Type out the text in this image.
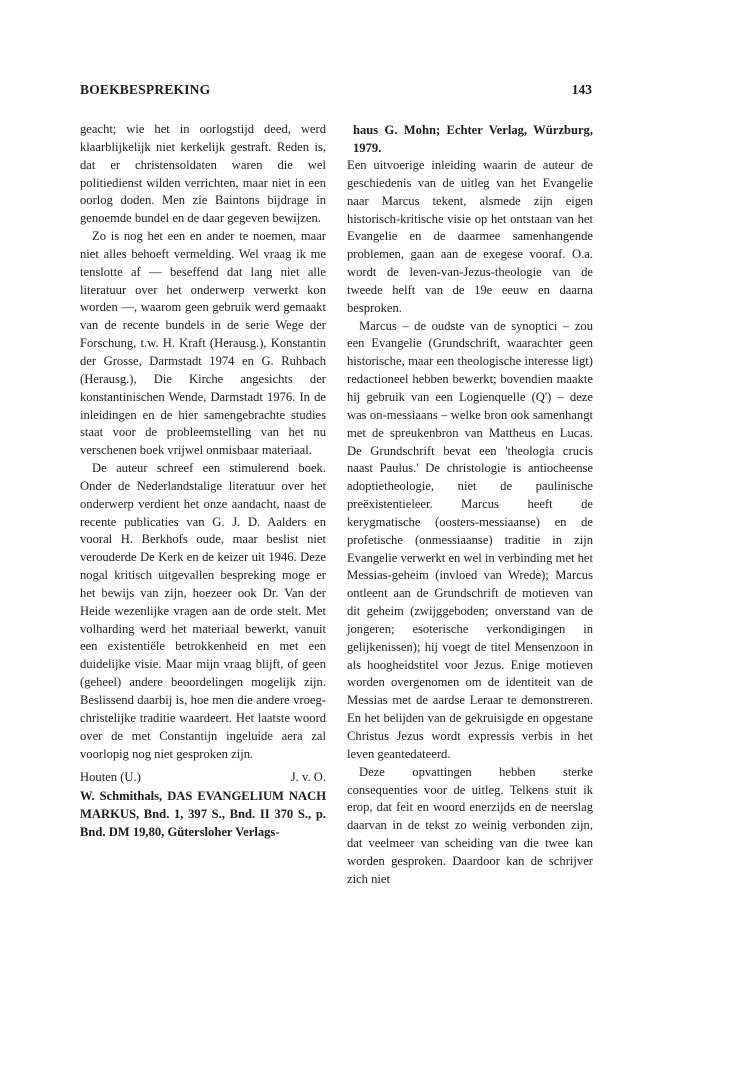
BOEKBESPREKING	143

geacht; wie het in oorlogstijd deed, werd klaarblijkelijk niet kerkelijk gestraft. Reden is, dat er christensoldaten waren die wel politiedienst wilden verrichten, maar niet in een oorlog doden. Men zie Baintons bijdrage in genoemde bundel en de daar gegeven bewijzen.

Zo is nog het een en ander te noemen, maar niet alles behoeft vermelding. Wel vraag ik me tenslotte af — beseffend dat lang niet alle literatuur over het onderwerp verwerkt kon worden —, waarom geen gebruik werd gemaakt van de recente bundels in de serie Wege der Forschung, t.w. H. Kraft (Herausg.), Konstantin der Grosse, Darmstadt 1974 en G. Ruhbach (Herausg.), Die Kirche angesichts der konstantinischen Wende, Darmstadt 1976. In de inleidingen en de hier samengebrachte studies staat voor de probleemstelling van het nu verschenen boek vrijwel onmisbaar materiaal.

De auteur schreef een stimulerend boek. Onder de Nederlandstalige literatuur over het onderwerp verdient het onze aandacht, naast de recente publicaties van G. J. D. Aalders en vooral H. Berkhofs oude, maar beslist niet verouderde De Kerk en de keizer uit 1946. Deze nogal kritisch uitgevallen bespreking moge er het bewijs van zijn, hoezeer ook Dr. Van der Heide wezenlijke vragen aan de orde stelt. Met volharding werd het materiaal bewerkt, vanuit een existentiële betrokkenheid en met een duidelijke visie. Maar mijn vraag blijft, of geen (geheel) andere beoordelingen mogelijk zijn. Beslissend daarbij is, hoe men die andere vroeg-christelijke traditie waardeert. Het laatste woord over de met Constantijn ingeluide aera zal voorlopig nog niet gesproken zijn.

Houten (U.)	J. v. O.

W. Schmithals, DAS EVANGELIUM NACH MARKUS, Bnd. 1, 397 S., Bnd. II 370 S., p. Bnd. DM 19,80, Gütersloher Verlags-

haus G. Mohn; Echter Verlag, Würzburg, 1979.

Een uitvoerige inleiding waarin de auteur de geschiedenis van de uitleg van het Evangelie naar Marcus tekent, alsmede zijn eigen historisch-kritische visie op het ontstaan van het Evangelie en de daarmee samenhangende problemen, gaan aan de exegese vooraf. O.a. wordt de leven-van-Jezus-theologie van de tweede helft van de 19e eeuw en daarna besproken.

Marcus – de oudste van de synoptici – zou een Evangelie (Grundschrift, waarachter geen historische, maar een theologische interesse ligt) redactioneel hebben bewerkt; bovendien maakte hij gebruik van een Logienquelle (Q') – deze was on-messiaans – welke bron ook samenhangt met de spreukenbron van Mattheus en Lucas. De Grundschrift bevat een 'theologia crucis naast Paulus.' De christologie is antiocheense adoptietheologie, niet de paulinische preëxistentieleer. Marcus heeft de kerygmatische (oosters-messiaanse) en de profetische (onmessiaanse) traditie in zijn Evangelie verwerkt en wel in verbinding met het Messias-geheim (invloed van Wrede); Marcus ontleent aan de Grundschrift de motieven van dit geheim (zwijggeboden; onverstand van de jongeren; esoterische verkondigingen in gelijkenissen); hij voegt de titel Mensenzoon in als hoogheidstitel voor Jezus. Enige motieven worden overgenomen om de identiteit van de Messias met de aardse Leraar te demonstreren. En het belijden van de gekruisigde en opgestane Christus Jezus wordt expressis verbis in het leven geantedateerd.

Deze opvattingen hebben sterke consequenties voor de uitleg. Telkens stuit ik erop, dat feit en woord enerzijds en de neerslag daarvan in de tekst zo weinig verbonden zijn, dat veelmeer van scheiding van die twee kan worden gesproken. Daardoor kan de schrijver zich niet
